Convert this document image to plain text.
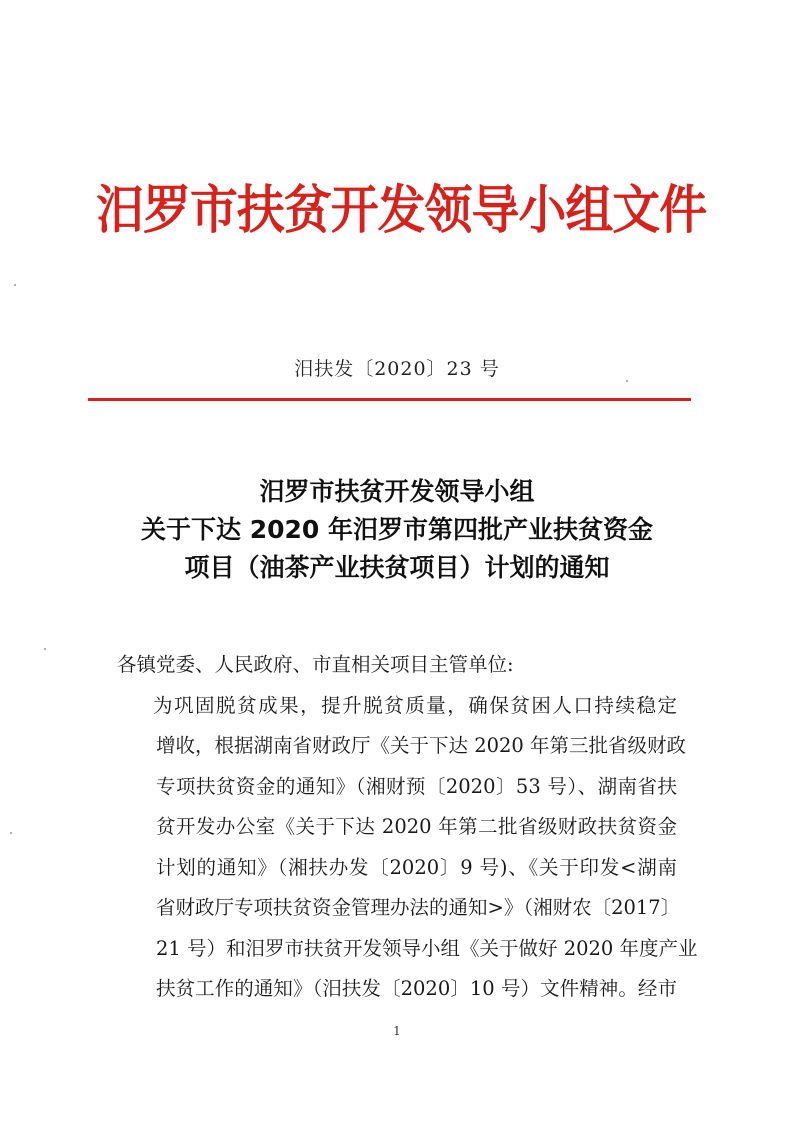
汨罗市扶贫开发领导小组文件
汨扶发〔2020〕23 号
汨罗市扶贫开发领导小组
关于下达 2020 年汨罗市第四批产业扶贫资金
项目（油茶产业扶贫项目）计划的通知
各镇党委、人民政府、市直相关项目主管单位:
为巩固脱贫成果，提升脱贫质量，确保贫困人口持续稳定
增收，根据湖南省财政厅《关于下达 2020 年第三批省级财政
专项扶贫资金的通知》（湘财预〔2020〕53 号）、湖南省扶
贫开发办公室《关于下达 2020 年第二批省级财政扶贫资金
计划的通知》（湘扶办发〔2020〕9 号)、《关于印发<湖南
省财政厅专项扶贫资金管理办法的通知>》（湘财农〔2017〕
21 号）和汨罗市扶贫开发领导小组《关于做好 2020 年度产业
扶贫工作的通知》（汨扶发〔2020〕10 号）文件精神。经市
1
